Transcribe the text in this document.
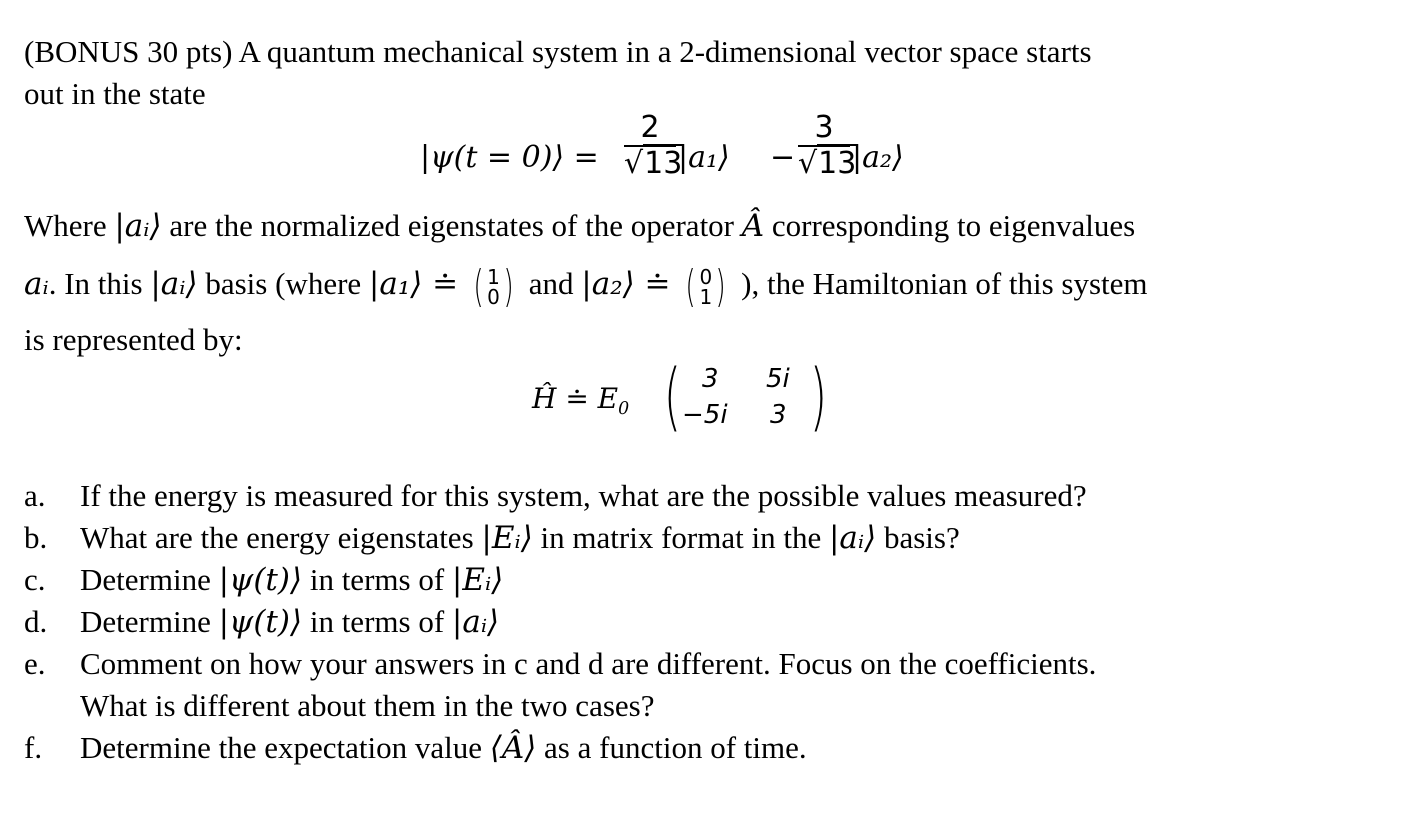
(BONUS 30 pts) A quantum mechanical system in a 2-dimensional vector space starts
out in the state
|ψ(t = 0)⟩ =
2
√13
|a₁⟩ −
3
√13
|a₂⟩
Where |aᵢ⟩ are the normalized eigenstates of the operator Â corresponding to eigenvalues
aᵢ. In this |aᵢ⟩ basis (where |a₁⟩ ≐ ( 1
0 ) and |a₂⟩ ≐ ( 0
1 ) ), the Hamiltonian of this system
is represented by:
Ĥ ≐ $E_0$ ( 3 5i
−5i 3 )
a. If the energy is measured for this system, what are the possible values measured?
b. What are the energy eigenstates |Eᵢ⟩ in matrix format in the |aᵢ⟩ basis?
c. Determine |ψ(t)⟩ in terms of |Eᵢ⟩
d. Determine |ψ(t)⟩ in terms of |aᵢ⟩
e. Comment on how your answers in c and d are different. Focus on the coefficients.
What is different about them in the two cases?
f. Determine the expectation value ⟨Â⟩ as a function of time.
